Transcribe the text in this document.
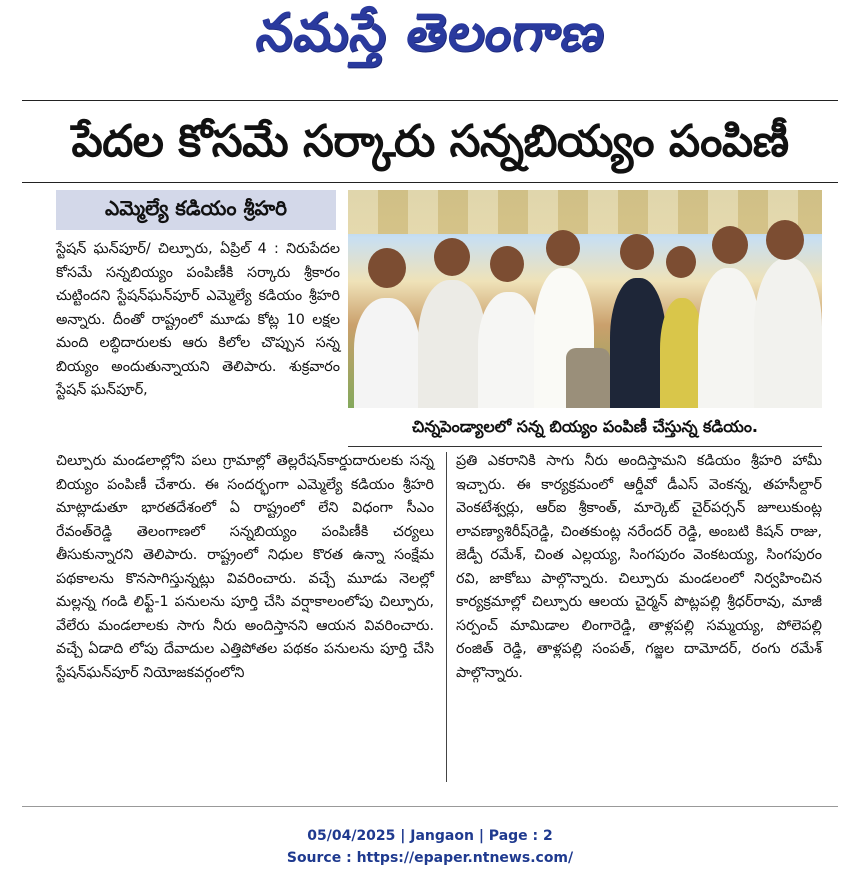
నమస్తే తెలంగాణ
పేదల కోసమే సర్కారు సన్నబియ్యం పంపిణీ
ఎమ్మెల్యే కడియం శ్రీహరి
చిన్నపెండ్యాలలో సన్న బియ్యం పంపిణీ చేస్తున్న కడియం.
స్టేషన్ ఘన్‌పూర్/ చిల్పూరు, ఏప్రిల్ 4 : నిరుపేదల కోసమే సన్నబియ్యం పంపిణీకి సర్కారు శ్రీకారం చుట్టిందని స్టేషన్‌ఘన్‌పూర్ ఎమ్మెల్యే కడియం శ్రీహరి అన్నారు. దీంతో రాష్ట్రంలో మూడు కోట్ల 10 లక్షల మంది లబ్ధిదారులకు ఆరు కిలోల చొప్పున సన్న బియ్యం అందుతున్నాయని తెలిపారు. శుక్రవారం స్టేషన్ ఘన్‌పూర్,
చిల్పూరు మండలాల్లోని పలు గ్రామాల్లో తెల్లరేషన్‌కార్డుదారులకు సన్న బియ్యం పంపిణీ చేశారు. ఈ సందర్భంగా ఎమ్మెల్యే కడియం శ్రీహరి మాట్లాడుతూ భారతదేశంలో ఏ రాష్ట్రంలో లేని విధంగా సీఎం రేవంత్‌రెడ్డి తెలంగాణలో సన్నబియ్యం పంపిణీకి చర్యలు తీసుకున్నారని తెలిపారు. రాష్ట్రంలో నిధుల కొరత ఉన్నా సంక్షేమ పథకాలను కొనసాగిస్తున్నట్లు వివరించారు. వచ్చే మూడు నెలల్లో మల్లన్న గండి లిఫ్ట్-1 పనులను పూర్తి చేసి వర్షాకాలంలోపు చిల్పూరు, వేలేరు మండలాలకు సాగు నీరు అందిస్తానని ఆయన వివరించారు. వచ్చే ఏడాది లోపు దేవాదుల ఎత్తిపోతల పథకం పనులను పూర్తి చేసి స్టేషన్‌ఘన్‌పూర్ నియోజకవర్గంలోని
ప్రతి ఎకరానికి సాగు నీరు అందిస్తామని కడియం శ్రీహరి హామీ ఇచ్చారు. ఈ కార్యక్రమంలో ఆర్డీవో డీఎస్ వెంకన్న, తహసీల్దార్ వెంకటేశ్వర్లు, ఆర్ఐ శ్రీకాంత్, మార్కెట్ చైర్‌పర్సన్ జూలుకుంట్ల లావణ్యాశిరీష్‌రెడ్డి, చింతకుంట్ల నరేందర్ రెడ్డి, అంబటి కిషన్ రాజు, జెడ్పీ రమేశ్, చింత ఎల్లయ్య, సింగపురం వెంకటయ్య, సింగపురం రవి, జాకోబు పాల్గొన్నారు. చిల్పూరు మండలంలో నిర్వహించిన కార్యక్రమాల్లో చిల్పూరు ఆలయ చైర్మన్ పొట్లపల్లి శ్రీధర్‌రావు, మాజీ సర్పంచ్ మామిడాల లింగారెడ్డి, తాళ్లపల్లి సమ్మయ్య, పోలెపల్లి రంజిత్ రెడ్డి, తాళ్లపల్లి సంపత్, గజ్జల దామోదర్, రంగు రమేశ్ పాల్గొన్నారు.
05/04/2025 | Jangaon | Page : 2
Source : https://epaper.ntnews.com/
